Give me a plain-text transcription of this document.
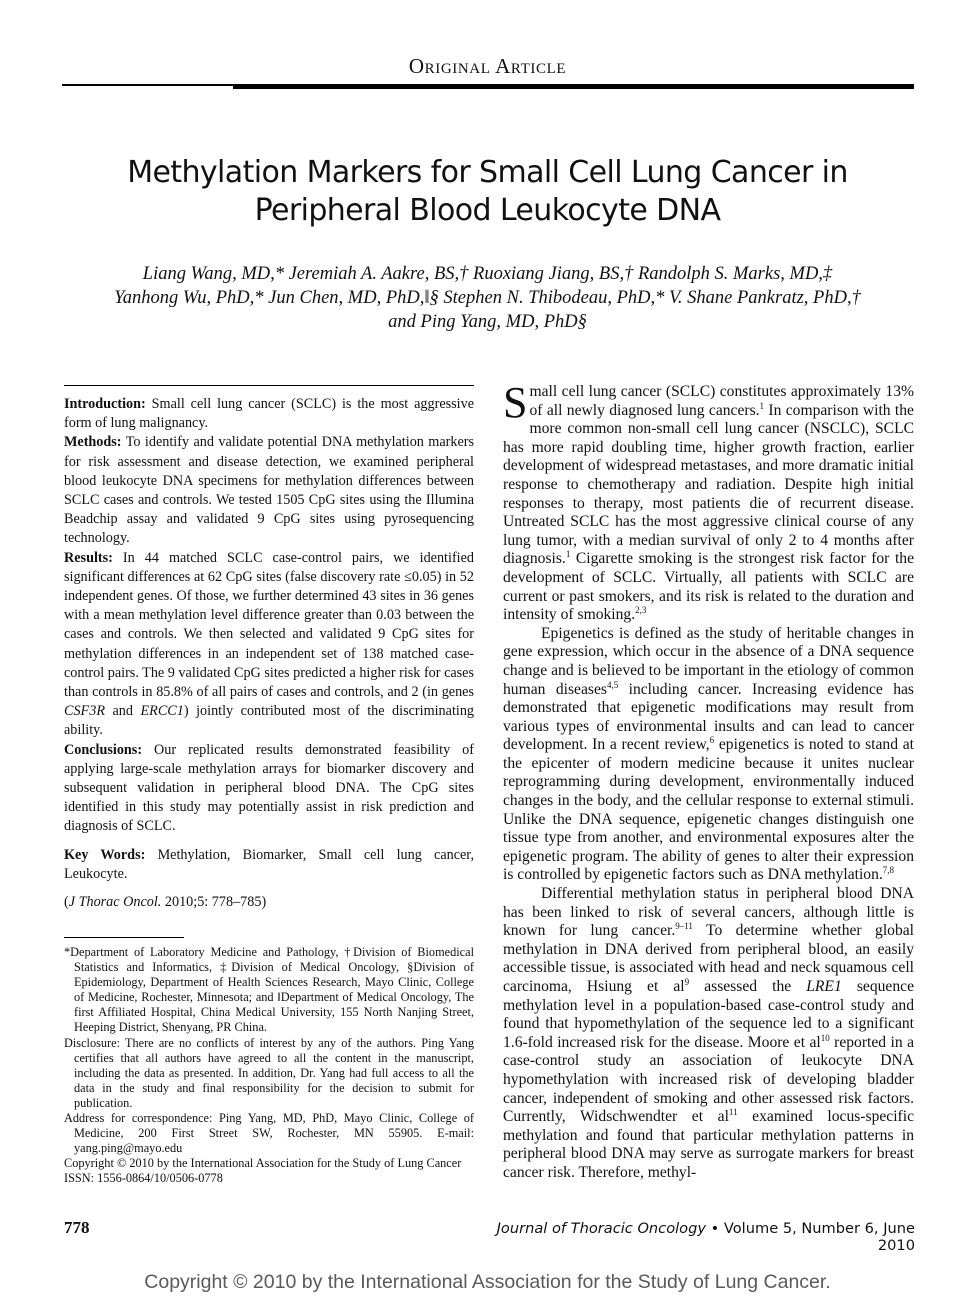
Original Article
Methylation Markers for Small Cell Lung Cancer in
Peripheral Blood Leukocyte DNA
Liang Wang, MD,* Jeremiah A. Aakre, BS,† Ruoxiang Jiang, BS,† Randolph S. Marks, MD,‡
Yanhong Wu, PhD,* Jun Chen, MD, PhD,‖§ Stephen N. Thibodeau, PhD,* V. Shane Pankratz, PhD,†
and Ping Yang, MD, PhD§

Introduction: Small cell lung cancer (SCLC) is the most aggressive form of lung malignancy.

Methods: To identify and validate potential DNA methylation markers for risk assessment and disease detection, we examined peripheral blood leukocyte DNA specimens for methylation differences between SCLC cases and controls. We tested 1505 CpG sites using the Illumina Beadchip assay and validated 9 CpG sites using pyrosequencing technology.

Results: In 44 matched SCLC case-control pairs, we identified significant differences at 62 CpG sites (false discovery rate ≤0.05) in 52 independent genes. Of those, we further determined 43 sites in 36 genes with a mean methylation level difference greater than 0.03 between the cases and controls. We then selected and validated 9 CpG sites for methylation differences in an independent set of 138 matched case-control pairs. The 9 validated CpG sites predicted a higher risk for cases than controls in 85.8% of all pairs of cases and controls, and 2 (in genes CSF3R and ERCC1) jointly contributed most of the discriminating ability.

Conclusions: Our replicated results demonstrated feasibility of applying large-scale methylation arrays for biomarker discovery and subsequent validation in peripheral blood DNA. The CpG sites identified in this study may potentially assist in risk prediction and diagnosis of SCLC.

Key Words: Methylation, Biomarker, Small cell lung cancer, Leukocyte.

(J Thorac Oncol. 2010;5: 778–785)

*Department of Laboratory Medicine and Pathology, †Division of Biomedical Statistics and Informatics, ‡Division of Medical Oncology, §Division of Epidemiology, Department of Health Sciences Research, Mayo Clinic, College of Medicine, Rochester, Minnesota; and ‖Department of Medical Oncology, The first Affiliated Hospital, China Medical University, 155 North Nanjing Street, Heeping District, Shenyang, PR China.

Disclosure: There are no conflicts of interest by any of the authors. Ping Yang certifies that all authors have agreed to all the content in the manuscript, including the data as presented. In addition, Dr. Yang had full access to all the data in the study and final responsibility for the decision to submit for publication.

Address for correspondence: Ping Yang, MD, PhD, Mayo Clinic, College of Medicine, 200 First Street SW, Rochester, MN 55905. E-mail: yang.ping@mayo.edu

Copyright © 2010 by the International Association for the Study of Lung Cancer

ISSN: 1556-0864/10/0506-0778

Small cell lung cancer (SCLC) constitutes approximately 13% of all newly diagnosed lung cancers.$^1$ In comparison with the more common non-small cell lung cancer (NSCLC), SCLC has more rapid doubling time, higher growth fraction, earlier development of widespread metastases, and more dramatic initial response to chemotherapy and radiation. Despite high initial responses to therapy, most patients die of recurrent disease. Untreated SCLC has the most aggressive clinical course of any lung tumor, with a median survival of only 2 to 4 months after diagnosis.$^1$ Cigarette smoking is the strongest risk factor for the development of SCLC. Virtually, all patients with SCLC are current or past smokers, and its risk is related to the duration and intensity of smoking.$^{2,3}$

Epigenetics is defined as the study of heritable changes in gene expression, which occur in the absence of a DNA sequence change and is believed to be important in the etiology of common human diseases$^{4,5}$ including cancer. Increasing evidence has demonstrated that epigenetic modifications may result from various types of environmental insults and can lead to cancer development. In a recent review,$^6$ epigenetics is noted to stand at the epicenter of modern medicine because it unites nuclear reprogramming during development, environmentally induced changes in the body, and the cellular response to external stimuli. Unlike the DNA sequence, epigenetic changes distinguish one tissue type from another, and environmental exposures alter the epigenetic program. The ability of genes to alter their expression is controlled by epigenetic factors such as DNA methylation.$^{7,8}$

Differential methylation status in peripheral blood DNA has been linked to risk of several cancers, although little is known for lung cancer.$^{9-11}$ To determine whether global methylation in DNA derived from peripheral blood, an easily accessible tissue, is associated with head and neck squamous cell carcinoma, Hsiung et $al^9$ assessed the LRE1 sequence methylation level in a population-based case-control study and found that hypomethylation of the sequence led to a significant 1.6-fold increased risk for the disease. Moore et $al^{10}$ reported in a case-control study an association of leukocyte DNA hypomethylation with increased risk of developing bladder cancer, independent of smoking and other assessed risk factors. Currently, Widschwendter et $al^{11}$ examined locus-specific methylation and found that particular methylation patterns in peripheral blood DNA may serve as surrogate markers for breast cancer risk. Therefore, methyl-

778	Journal of Thoracic Oncology • Volume 5, Number 6, June 2010
Copyright © 2010 by the International Association for the Study of Lung Cancer.
